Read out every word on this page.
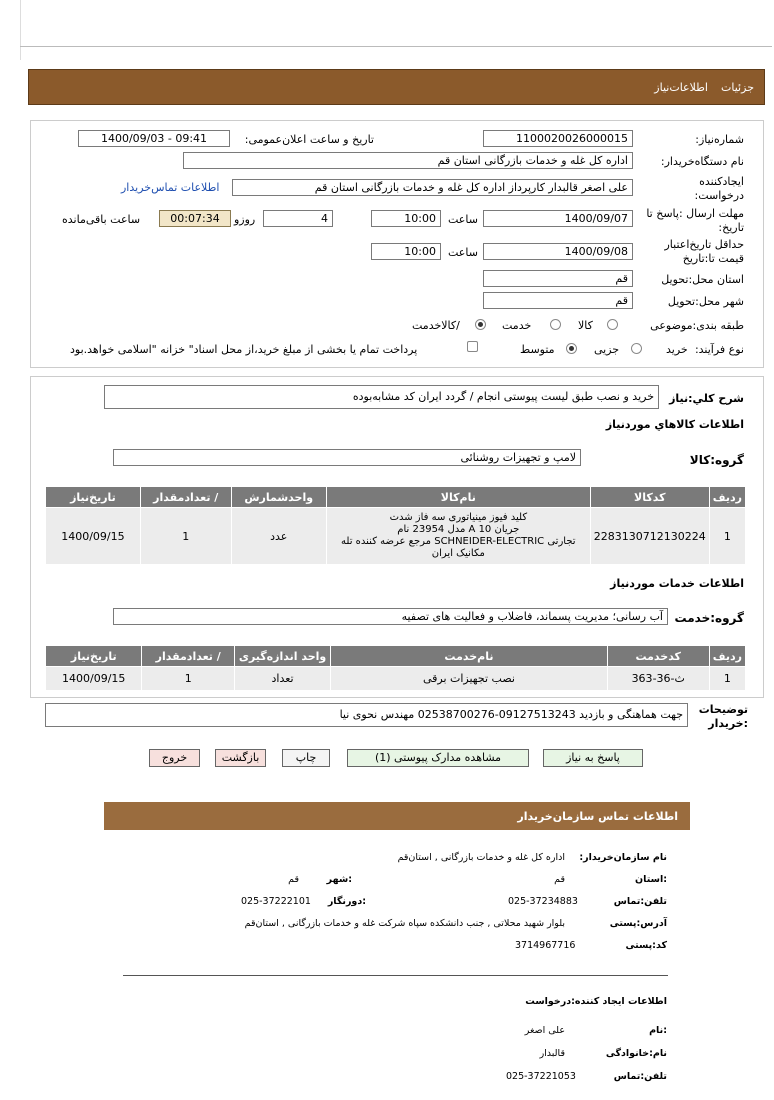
جزئیات
اطلاعات‌نیاز
شماره‌نیاز:
1100020026000015
تاریخ و ساعت اعلان‌عمومی:
1400/09/03 - 09:41
نام دستگاه‌خریدار:
اداره کل غله و خدمات بازرگانی استان قم
ایجادکننده
درخواست:
علی اصغر قالبدار کارپرداز اداره کل غله و خدمات بازرگانی استان قم
اطلاعات تماس‌خریدار
مهلت ارسال :پاسخ تا
تاریخ:
1400/09/07
ساعت
10:00
4
روزو
00:07:34
ساعت باقی‌مانده
حداقل تاریخ‌اعتبار
قیمت تا:تاریخ
1400/09/08
ساعت
10:00
استان محل:تحویل
قم
شهر محل:تحویل
قم
طبقه بندی:موضوعی
کالا
خدمت
/کالاخدمت
نوع فرآیند:
خرید
جزیی
متوسط
پرداخت تمام یا بخشی از مبلغ خرید،از محل اسناد" خزانه "اسلامی خواهد.بود
شرح كلي:نیاز
خرید و نصب طبق لیست پیوستی انجام / گردد ایران کد مشابه‌بوده
اطلاعات كالاهاي موردنياز
گروه:کالا
لامپ و تجهیزات روشنائی
ردیف	کدکالا	نام‌کالا	واحدشمارش	/ تعدادمقدار	تاریخ‌نیاز
1	2283130712130224	کلید فیوز مینیاتوری سه فاز شدت
جریان 10 A مدل 23954 نام
تجارتی SCHNEIDER-ELECTRIC مرجع عرضه کننده تله
مکانیک ایران	عدد	1	1400/09/15
اطلاعات خدمات موردنياز
گروه:خدمت
آب رسانی؛ مدیریت پسماند، فاضلاب و فعالیت های تصفیه
ردیف	کدخدمت	نام‌خدمت	واحد اندازه‌گیری	/ تعدادمقدار	تاریخ‌نیاز
1	ث-36-363	نصب تجهیزات برقی	تعداد	1	1400/09/15
توضیحات
:خریدار
جهت هماهنگی و بازدید 09127513243-02538700276 مهندس نحوی نیا
پاسخ به نیاز
مشاهده مدارک پیوستی (1)
چاپ
بازگشت
خروج
اطلاعات تماس سازمان‌خریدار
نام سازمان‌خریدار:
اداره کل غله و خدمات بازرگانی , استان‌قم
:استان
قم
:شهر
قم
تلفن:تماس
025-37234883
:دورنگار
025-37222101
آدرس:پستی
بلوار شهید محلاتی , جنب دانشکده سپاه شرکت غله و خدمات بازرگانی , استان‌قم
کد:پستی
3714967716
اطلاعات ایجاد کننده:درخواست
:نام
علی اصغر
نام:خانوادگی
قالبدار
تلفن:تماس
025-37221053
